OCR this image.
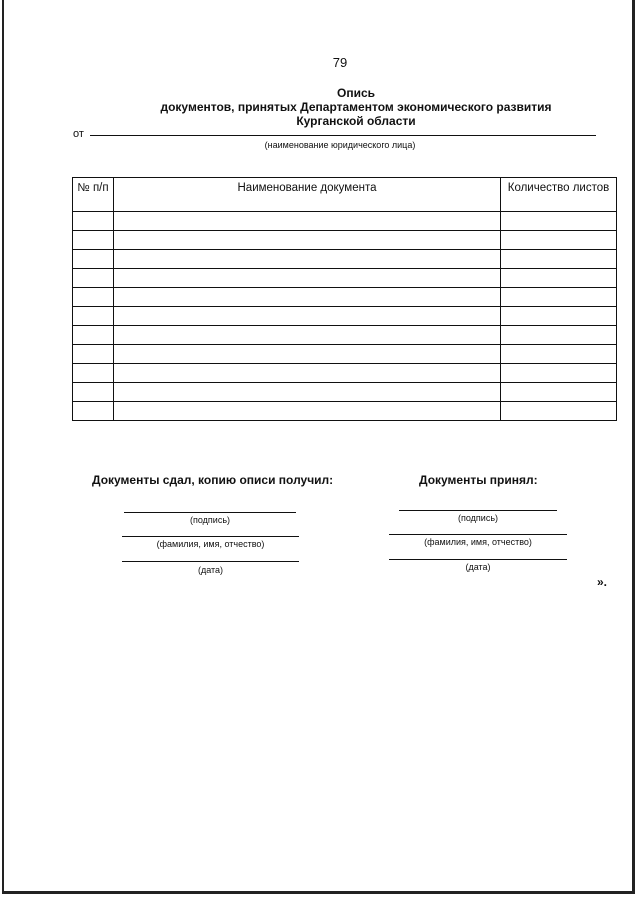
79
Опись
документов, принятых Департаментом экономического развития
Курганской области
от
(наименование юридического лица)
№ п/п	Наименование документа	Количество листов

Документы сдал, копию описи получил:	Документы принял:
(подпись)
(фамилия, имя, отчество)
(дата)
(подпись)
(фамилия, имя, отчество)
(дата)
».
